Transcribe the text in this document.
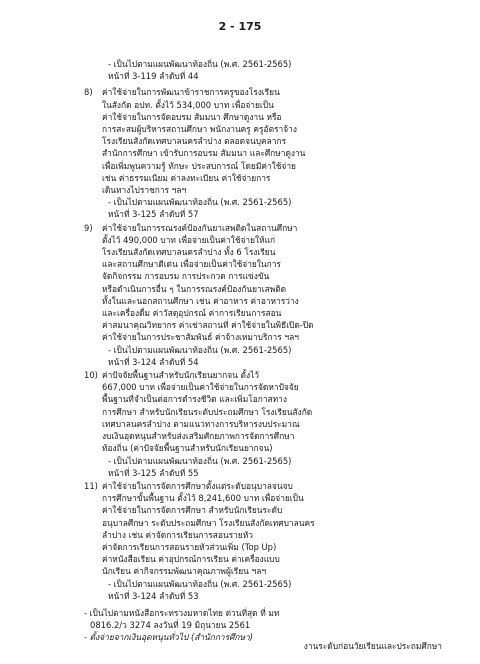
2 - 175
- เป็นไปตามแผนพัฒนาท้องถิ่น (พ.ศ. 2561-2565)
หน้าที่ 3-119 ลำดับที่ 44
8) ค่าใช้จ่ายในการพัฒนาข้าราชการครูของโรงเรียน
ในสังกัด อปท. ตั้งไว้ 534,000 บาท เพื่อจ่ายเป็น
ค่าใช้จ่ายในการจัดอบรม สัมมนา ศึกษาดูงาน หรือ
การสะสมผู้บริหารสถานศึกษา พนักงานครู ครูอัตราจ้าง
โรงเรียนสังกัดเทศบาลนครลำปาง ตลอดจนบุคลากร
สำนักการศึกษา เข้ารับการอบรม สัมมนา และศึกษาดูงาน
เพื่อเพิ่มพูนความรู้ ทักษะ ประสบการณ์ โดยมีค่าใช้จ่าย
เช่น ค่าธรรมเนียม ค่าลงทะเบียน ค่าใช้จ่ายการ
เดินทางไปราชการ ฯลฯ
- เป็นไปตามแผนพัฒนาท้องถิ่น (พ.ศ. 2561-2565)
หน้าที่ 3-125 ลำดับที่ 57
9) ค่าใช้จ่ายในการรณรงค์ป้องกันยาเสพติดในสถานศึกษา
ตั้งไว้ 490,000 บาท เพื่อจ่ายเป็นค่าใช้จ่ายให้แก่
โรงเรียนสังกัดเทศบาลนครลำปาง ทั้ง 6 โรงเรียน
และสถานศึกษาดีเด่น เพื่อจ่ายเป็นค่าใช้จ่ายในการ
จัดกิจกรรม การอบรม การประกวด การแข่งขัน
หรือดำเนินการอื่น ๆ ในการรณรงค์ป้องกันยาเสพติด
ทั้งในและนอกสถานศึกษา เช่น ค่าอาหาร ค่าอาหารว่าง
และเครื่องดื่ม ค่าวัสดุอุปกรณ์ ค่าการเรียนการสอน
ค่าสมนาคุณวิทยากร ค่าเช่าสถานที่ ค่าใช้จ่ายในพิธีเปิด-ปิด
ค่าใช้จ่ายในการประชาสัมพันธ์ ค่าจ้างเหมาบริการ ฯลฯ
- เป็นไปตามแผนพัฒนาท้องถิ่น (พ.ศ. 2561-2565)
หน้าที่ 3-124 ลำดับที่ 54
10) ค่าปัจจัยพื้นฐานสำหรับนักเรียนยากจน ตั้งไว้
667,000 บาท เพื่อจ่ายเป็นค่าใช้จ่ายในการจัดหาปัจจัย
พื้นฐานที่จำเป็นต่อการดำรงชีวิต และเพิ่มโอกาสทาง
การศึกษา สำหรับนักเรียนระดับประถมศึกษา โรงเรียนสังกัด
เทศบาลนครลำปาง ตามแนวทางการบริหารงบประมาณ
งบเงินอุดหนุนสำหรับส่งเสริมศักยภาพการจัดการศึกษา
ท้องถิ่น (ค่าปัจจัยพื้นฐานสำหรับนักเรียนยากจน)
- เป็นไปตามแผนพัฒนาท้องถิ่น (พ.ศ. 2561-2565)
หน้าที่ 3-125 ลำดับที่ 55
11) ค่าใช้จ่ายในการจัดการศึกษาตั้งแต่ระดับอนุบาลจนจบ
การศึกษาขั้นพื้นฐาน ตั้งไว้ 8,241,600 บาท เพื่อจ่ายเป็น
ค่าใช้จ่ายในการจัดการศึกษา สำหรับนักเรียนระดับ
อนุบาลศึกษา ระดับประถมศึกษา โรงเรียนสังกัดเทศบาลนคร
ลำปาง เช่น ค่าจัดการเรียนการสอนรายหัว
ค่าจัดการเรียนการสอนรายหัวส่วนเพิ่ม (Top Up)
ค่าหนังสือเรียน ค่าอุปกรณ์การเรียน ค่าเครื่องแบบ
นักเรียน ค่ากิจกรรมพัฒนาคุณภาพผู้เรียน ฯลฯ
- เป็นไปตามแผนพัฒนาท้องถิ่น (พ.ศ. 2561-2565)
หน้าที่ 3-124 ลำดับที่ 53
- เป็นไปตามหนังสือกระทรวงมหาดไทย ด่วนที่สุด ที่ มท
0816.2/ว 3274 ลงวันที่ 19 มิถุนายน 2561
- ตั้งจ่ายจากเงินอุดหนุนทั่วไป (สำนักการศึกษา)
งานระดับก่อนวัยเรียนและประถมศึกษา
